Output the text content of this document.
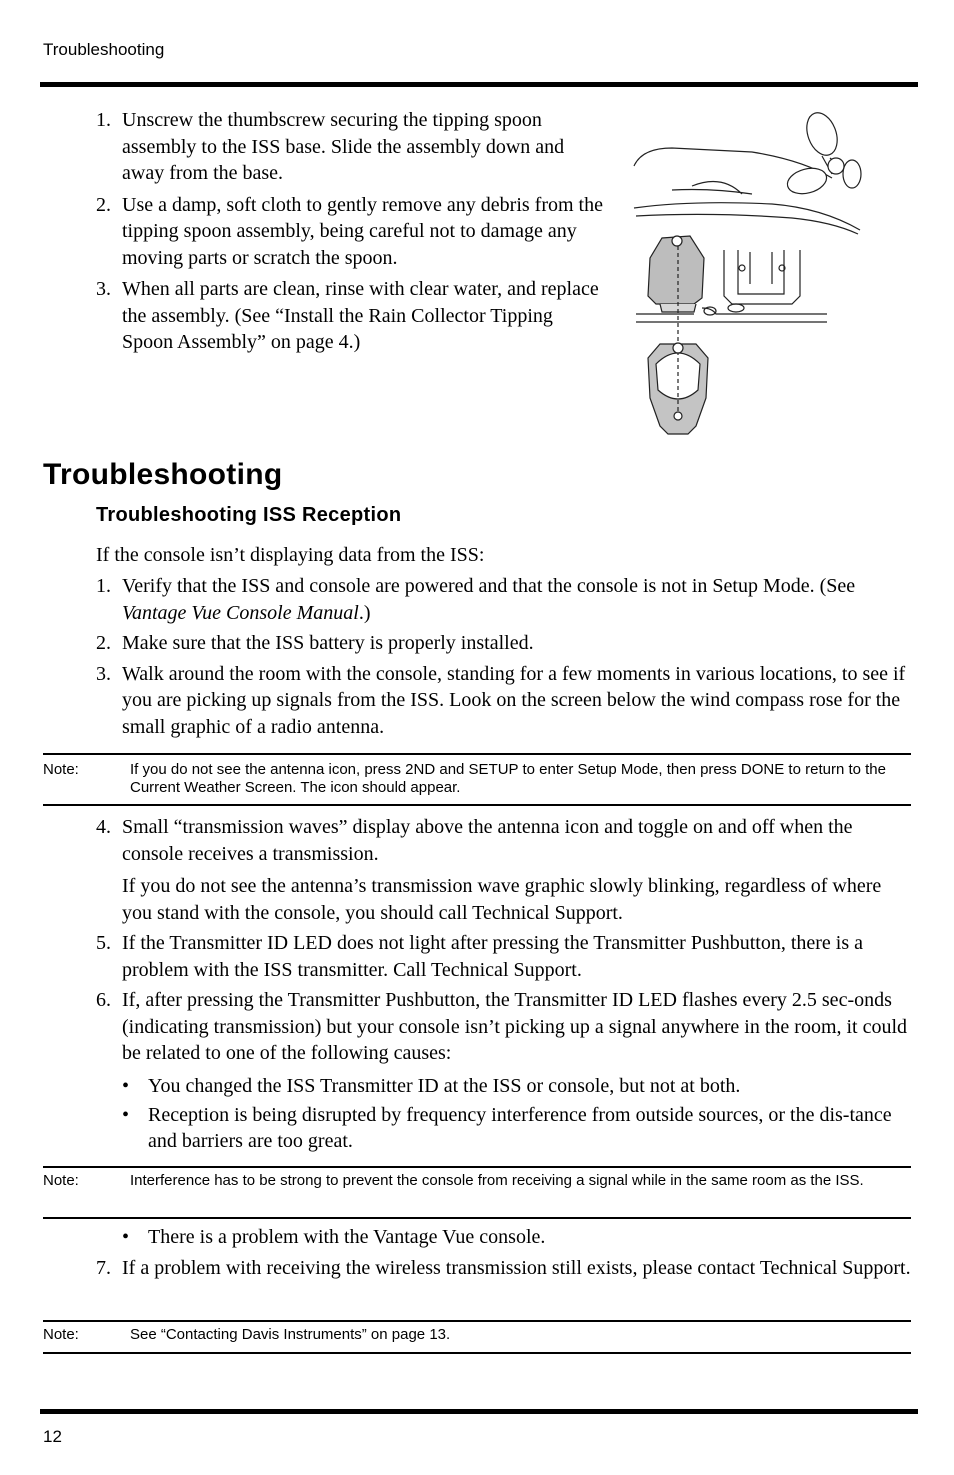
Troubleshooting
1. Unscrew the thumbscrew securing the tipping spoon assembly to the ISS base. Slide the assembly down and away from the base.
2. Use a damp, soft cloth to gently remove any debris from the tipping spoon assembly, being careful not to damage any moving parts or scratch the spoon.
3. When all parts are clean, rinse with clear water, and replace the assembly. (See “Install the Rain Collector Tipping Spoon Assembly” on page 4.)
Troubleshooting
Troubleshooting ISS Reception

If the console isn’t displaying data from the ISS:

1. Verify that the ISS and console are powered and that the console is not in Setup Mode. (See Vantage Vue Console Manual.)
2. Make sure that the ISS battery is properly installed.
3. Walk around the room with the console, standing for a few moments in various locations, to see if you are picking up signals from the ISS. Look on the screen below the wind compass rose for the small graphic of a radio antenna.
Note:	If you do not see the antenna icon, press 2ND and SETUP to enter Setup Mode, then press DONE to return to the Current Weather Screen. The icon should appear.
4. Small “transmission waves” display above the antenna icon and toggle on and off when the console receives a transmission.
If you do not see the antenna’s transmission wave graphic slowly blinking, regardless of where you stand with the console, you should call Technical Support.
5. If the Transmitter ID LED does not light after pressing the Transmitter Pushbutton, there is a problem with the ISS transmitter. Call Technical Support.
6. If, after pressing the Transmitter Pushbutton, the Transmitter ID LED flashes every 2.5 sec-onds (indicating transmission) but your console isn’t picking up a signal anywhere in the room, it could be related to one of the following causes:
• You changed the ISS Transmitter ID at the ISS or console, but not at both.
• Reception is being disrupted by frequency interference from outside sources, or the dis-tance and barriers are too great.
Note:	Interference has to be strong to prevent the console from receiving a signal while in the same room as the ISS.
• There is a problem with the Vantage Vue console.
7. If a problem with receiving the wireless transmission still exists, please contact Technical Support.
Note:	See “Contacting Davis Instruments” on page 13.
12
